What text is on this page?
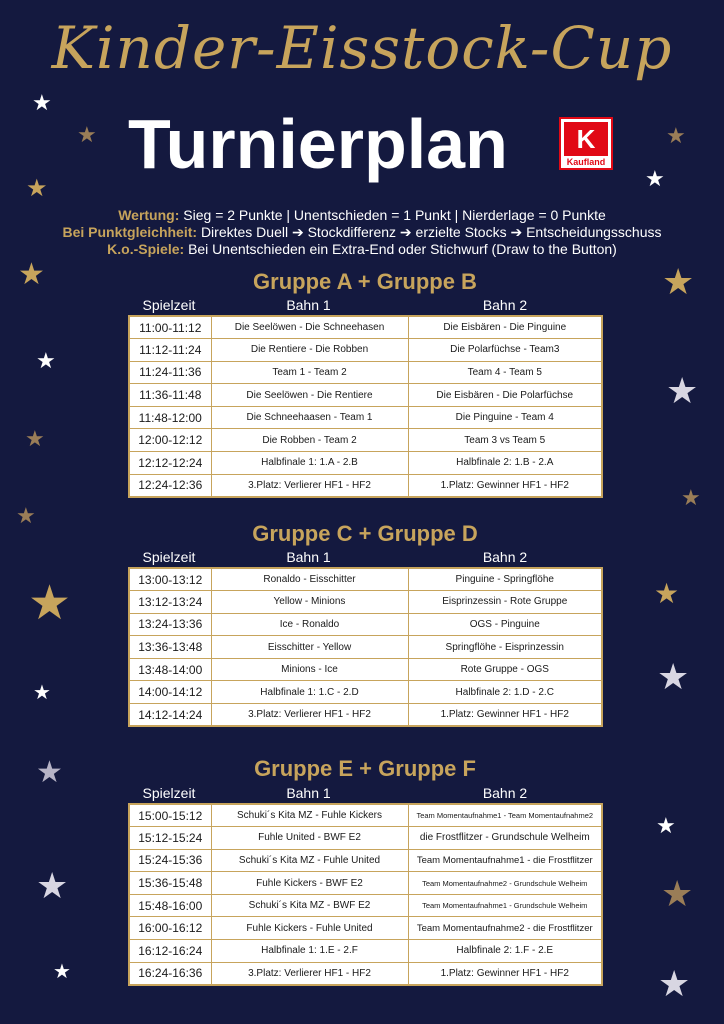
★
★
★
★
★
★
★
★
★
★
★
★
★
★
★
★
★
★
★
★
★
★
Kinder-Eisstock-Cup
Turnierplan	K
Kaufland
Wertung: Sieg = 2 Punkte | Unentschieden = 1 Punkt | Nierderlage = 0 Punkte
Bei Punktgleichheit: Direktes Duell ➔ Stockdifferenz ➔ erzielte Stocks ➔ Entscheidungsschuss
K.o.-Spiele: Bei Unentschieden ein Extra-End oder Stichwurf (Draw to the Button)
Gruppe A + Gruppe B
Spielzeit	Bahn 1	Bahn 2
11:00-11:12	Die Seelöwen - Die Schneehasen	Die Eisbären - Die Pinguine
11:12-11:24	Die Rentiere - Die Robben	Die Polarfüchse - Team3
11:24-11:36	Team 1 - Team 2	Team 4 - Team 5
11:36-11:48	Die Seelöwen - Die Rentiere	Die Eisbären - Die Polarfüchse
11:48-12:00	Die Schneehaasen - Team 1	Die Pinguine - Team 4
12:00-12:12	Die Robben - Team 2	Team 3 vs Team 5
12:12-12:24	Halbfinale 1: 1.A - 2.B	Halbfinale 2: 1.B - 2.A
12:24-12:36	3.Platz: Verlierer HF1 - HF2	1.Platz: Gewinner HF1 - HF2
Gruppe C + Gruppe D
Spielzeit	Bahn 1	Bahn 2
13:00-13:12	Ronaldo - Eisschitter	Pinguine - Springflöhe
13:12-13:24	Yellow - Minions	Eisprinzessin - Rote Gruppe
13:24-13:36	Ice - Ronaldo	OGS - Pinguine
13:36-13:48	Eisschitter - Yellow	Springflöhe - Eisprinzessin
13:48-14:00	Minions - Ice	Rote Gruppe - OGS
14:00-14:12	Halbfinale 1: 1.C - 2.D	Halbfinale 2: 1.D - 2.C
14:12-14:24	3.Platz: Verlierer HF1 - HF2	1.Platz: Gewinner HF1 - HF2
Gruppe E + Gruppe F
Spielzeit	Bahn 1	Bahn 2
15:00-15:12	Schuki´s Kita MZ - Fuhle Kickers	Team Momentaufnahme1 - Team Momentaufnahme2
15:12-15:24	Fuhle United - BWF E2	die Frostflitzer - Grundschule Welheim
15:24-15:36	Schuki´s Kita MZ - Fuhle United	Team Momentaufnahme1 - die Frostflitzer
15:36-15:48	Fuhle Kickers - BWF E2	Team Momentaufnahme2 - Grundschule Welheim
15:48-16:00	Schuki´s Kita MZ - BWF E2	Team Momentaufnahme1 - Grundschule Welheim
16:00-16:12	Fuhle Kickers - Fuhle United	Team Momentaufnahme2 - die Frostflitzer
16:12-16:24	Halbfinale 1: 1.E - 2.F	Halbfinale 2: 1.F - 2.E
16:24-16:36	3.Platz: Verlierer HF1 - HF2	1.Platz: Gewinner HF1 - HF2
